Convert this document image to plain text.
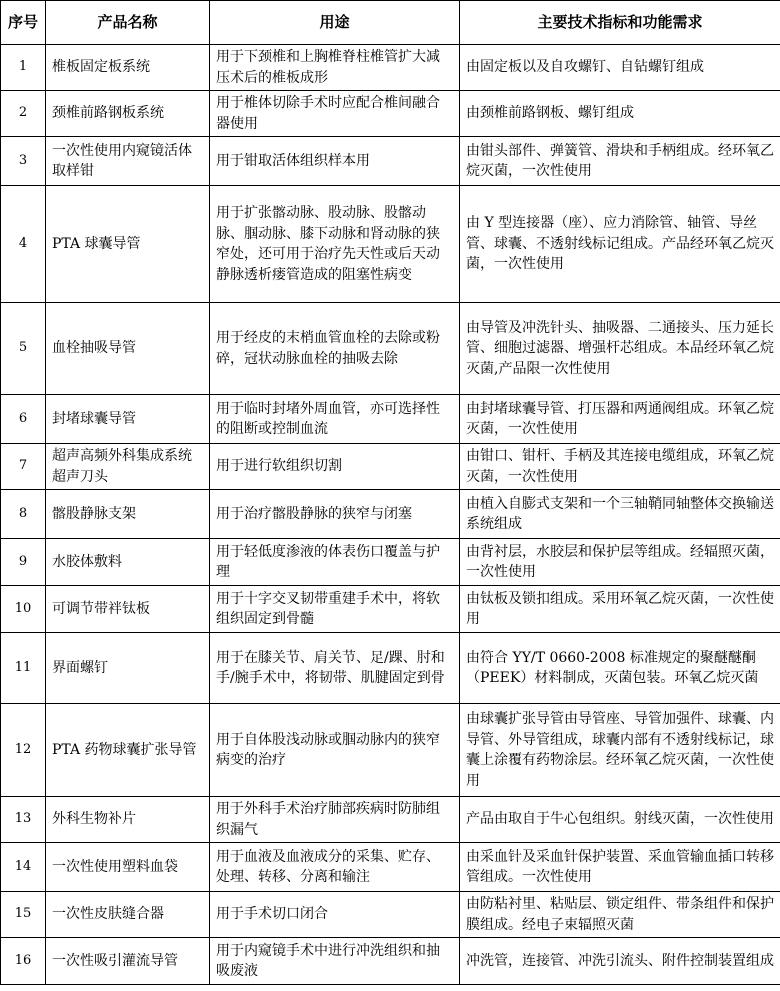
序号	产品名称	用途	主要技术指标和功能需求
1	椎板固定板系统	用于下颈椎和上胸椎脊柱椎管扩大减压术后的椎板成形	由固定板以及自攻螺钉、自钻螺钉组成
2	颈椎前路钢板系统	用于椎体切除手术时应配合椎间融合器使用	由颈椎前路钢板、螺钉组成
3	一次性使用内窥镜活体取样钳	用于钳取活体组织样本用	由钳头部件、弹簧管、滑块和手柄组成。经环氧乙烷灭菌，一次性使用
4	PTA 球囊导管	用于扩张髂动脉、股动脉、股髂动脉、腘动脉、膝下动脉和肾动脉的狭窄处，还可用于治疗先天性或后天动静脉透析瘘管造成的阻塞性病变	由 Y 型连接器（座）、应力消除管、轴管、导丝管、球囊、不透射线标记组成。产品经环氧乙烷灭菌，一次性使用
5	血栓抽吸导管	用于经皮的末梢血管血栓的去除或粉碎，冠状动脉血栓的抽吸去除	由导管及冲洗针头、抽吸器、二通接头、压力延长管、细胞过滤器、增强杆芯组成。本品经环氧乙烷灭菌,产品限一次性使用
6	封堵球囊导管	用于临时封堵外周血管，亦可选择性的阻断或控制血流	由封堵球囊导管、打压器和两通阀组成。环氧乙烷灭菌，一次性使用
7	超声高频外科集成系统超声刀头	用于进行软组织切割	由钳口、钳杆、手柄及其连接电缆组成，环氧乙烷灭菌，一次性使用
8	髂股静脉支架	用于治疗髂股静脉的狭窄与闭塞	由植入自膨式支架和一个三轴鞘同轴整体交换输送系统组成
9	水胶体敷料	用于轻低度渗液的体表伤口覆盖与护理	由背衬层，水胶层和保护层等组成。经辐照灭菌，一次性使用
10	可调节带袢钛板	用于十字交叉韧带重建手术中，将软组织固定到骨髓	由钛板及锁扣组成。采用环氧乙烷灭菌，一次性使用
11	界面螺钉	用于在膝关节、肩关节、足/踝、肘和手/腕手术中，将韧带、肌腱固定到骨	由符合 YY/T 0660-2008 标准规定的聚醚醚酮（PEEK）材料制成，灭菌包装。环氧乙烷灭菌
12	PTA 药物球囊扩张导管	用于自体股浅动脉或腘动脉内的狭窄病变的治疗	由球囊扩张导管由导管座、导管加强件、球囊、内导管、外导管组成，球囊内部有不透射线标记，球囊上涂覆有药物涂层。经环氧乙烷灭菌，一次性使用
13	外科生物补片	用于外科手术治疗肺部疾病时防肺组织漏气	产品由取自于牛心包组织。射线灭菌，一次性使用
14	一次性使用塑料血袋	用于血液及血液成分的采集、贮存、处理、转移、分离和输注	由采血针及采血针保护装置、采血管输血插口转移管组成。一次性使用
15	一次性皮肤缝合器	用于手术切口闭合	由防粘衬里、粘贴层、锁定组件、带条组件和保护膜组成。经电子束辐照灭菌
16	一次性吸引灌流导管	用于内窥镜手术中进行冲洗组织和抽吸废液	冲洗管，连接管、冲洗引流头、附件控制装置组成
